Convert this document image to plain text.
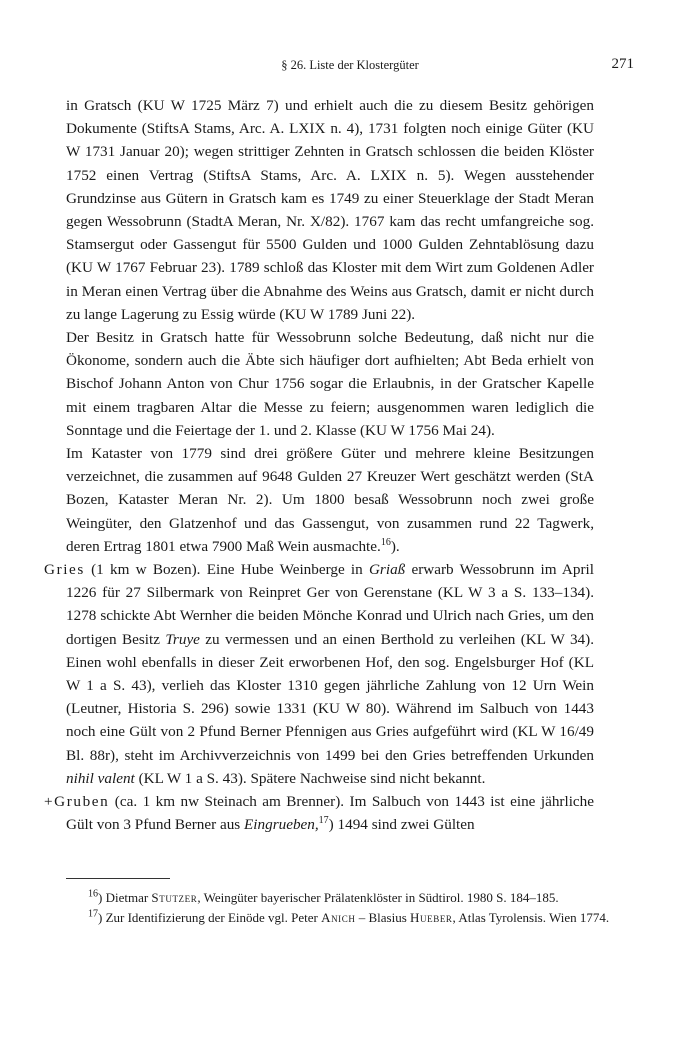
§ 26. Liste der Klostergüter	271

in Gratsch (KU W 1725 März 7) und erhielt auch die zu diesem Besitz gehörigen Dokumente (StiftsA Stams, Arc. A. LXIX n. 4), 1731 folgten noch einige Güter (KU W 1731 Januar 20); wegen strittiger Zehnten in Gratsch schlossen die beiden Klöster 1752 einen Vertrag (StiftsA Stams, Arc. A. LXIX n. 5). Wegen ausstehender Grundzinse aus Gütern in Gratsch kam es 1749 zu einer Steuerklage der Stadt Meran gegen Wessobrunn (StadtA Meran, Nr. X/82). 1767 kam das recht umfangreiche sog. Stamsergut oder Gassengut für 5500 Gulden und 1000 Gulden Zehntablösung dazu (KU W 1767 Februar 23). 1789 schloß das Kloster mit dem Wirt zum Goldenen Adler in Meran einen Vertrag über die Abnahme des Weins aus Gratsch, damit er nicht durch zu lange Lagerung zu Essig würde (KU W 1789 Juni 22).

Der Besitz in Gratsch hatte für Wessobrunn solche Bedeutung, daß nicht nur die Ökonome, sondern auch die Äbte sich häufiger dort aufhielten; Abt Beda erhielt von Bischof Johann Anton von Chur 1756 sogar die Erlaubnis, in der Gratscher Kapelle mit einem tragbaren Altar die Messe zu feiern; ausgenommen waren lediglich die Sonntage und die Feiertage der 1. und 2. Klasse (KU W 1756 Mai 24).

Im Kataster von 1779 sind drei größere Güter und mehrere kleine Besitzungen verzeichnet, die zusammen auf 9648 Gulden 27 Kreuzer Wert geschätzt werden (StA Bozen, Kataster Meran Nr. 2). Um 1800 besaß Wessobrunn noch zwei große Weingüter, den Glatzenhof und das Gassengut, von zusammen rund 22 Tagwerk, deren Ertrag 1801 etwa 7900 Maß Wein ausmachte.$^{16}$).

Gries (1 km w Bozen). Eine Hube Weinberge in Griaß erwarb Wessobrunn im April 1226 für 27 Silbermark von Reinpret Ger von Gerenstane (KL W 3 a S. 133–134). 1278 schickte Abt Wernher die beiden Mönche Konrad und Ulrich nach Gries, um den dortigen Besitz Truye zu vermessen und an einen Berthold zu verleihen (KL W 34). Einen wohl ebenfalls in dieser Zeit erworbenen Hof, den sog. Engelsburger Hof (KL W 1 a S. 43), verlieh das Kloster 1310 gegen jährliche Zahlung von 12 Urn Wein (Leutner, Historia S. 296) sowie 1331 (KU W 80). Während im Salbuch von 1443 noch eine Gült von 2 Pfund Berner Pfennigen aus Gries aufgeführt wird (KL W 16/49 Bl. 88r), steht im Archivverzeichnis von 1499 bei den Gries betreffenden Urkunden nihil valent (KL W 1 a S. 43). Spätere Nachweise sind nicht bekannt.

+Gruben (ca. 1 km nw Steinach am Brenner). Im Salbuch von 1443 ist eine jährliche Gült von 3 Pfund Berner aus Eingrueben,$^{17}$) 1494 sind zwei Gülten

$^{16}$) Dietmar Stutzer, Weingüter bayerischer Prälatenklöster in Südtirol. 1980 S. 184–185.

$^{17}$) Zur Identifizierung der Einöde vgl. Peter Anich – Blasius Hueber, Atlas Tyrolensis. Wien 1774.
